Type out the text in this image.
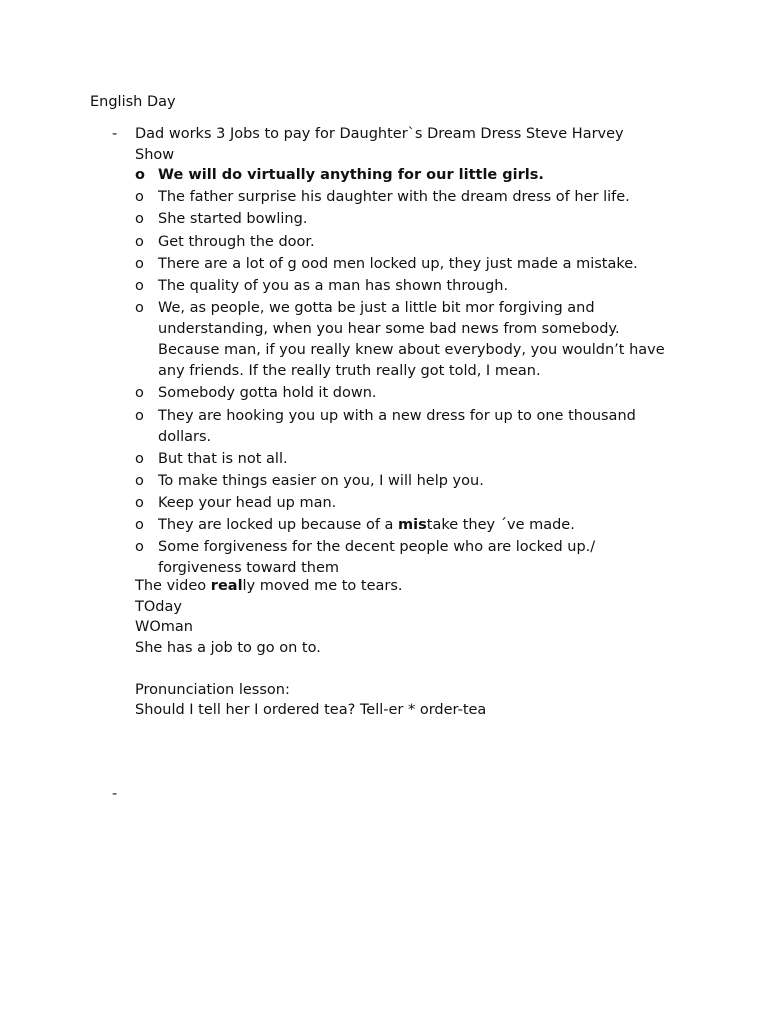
English Day
- Dad works 3 Jobs to pay for Daughter`s Dream Dress Steve Harvey Show
o We will do virtually anything for our little girls.
o The father surprise his daughter with the dream dress of her life.
o She started bowling.
o Get through the door.
o There are a lot of g ood men locked up, they just made a mistake.
o The quality of you as a man has shown through.
o We, as people, we gotta be just a little bit mor forgiving and understanding, when you hear some bad news from somebody. Because man, if you really knew about everybody, you wouldn’t have any friends. If the really truth really got told, I mean.
o Somebody gotta hold it down.
o They are hooking you up with a new dress for up to one thousand dollars.
o But that is not all.
o To make things easier on you, I will help you.
o Keep your head up man.
o They are locked up because of a mistake they ´ve made.
o Some forgiveness for the decent people who are locked up./ forgiveness toward them
The video really moved me to tears.
TOday
WOman
She has a job to go on to.
Pronunciation lesson:
Should I tell her I ordered tea? Tell-er * order-tea
-
